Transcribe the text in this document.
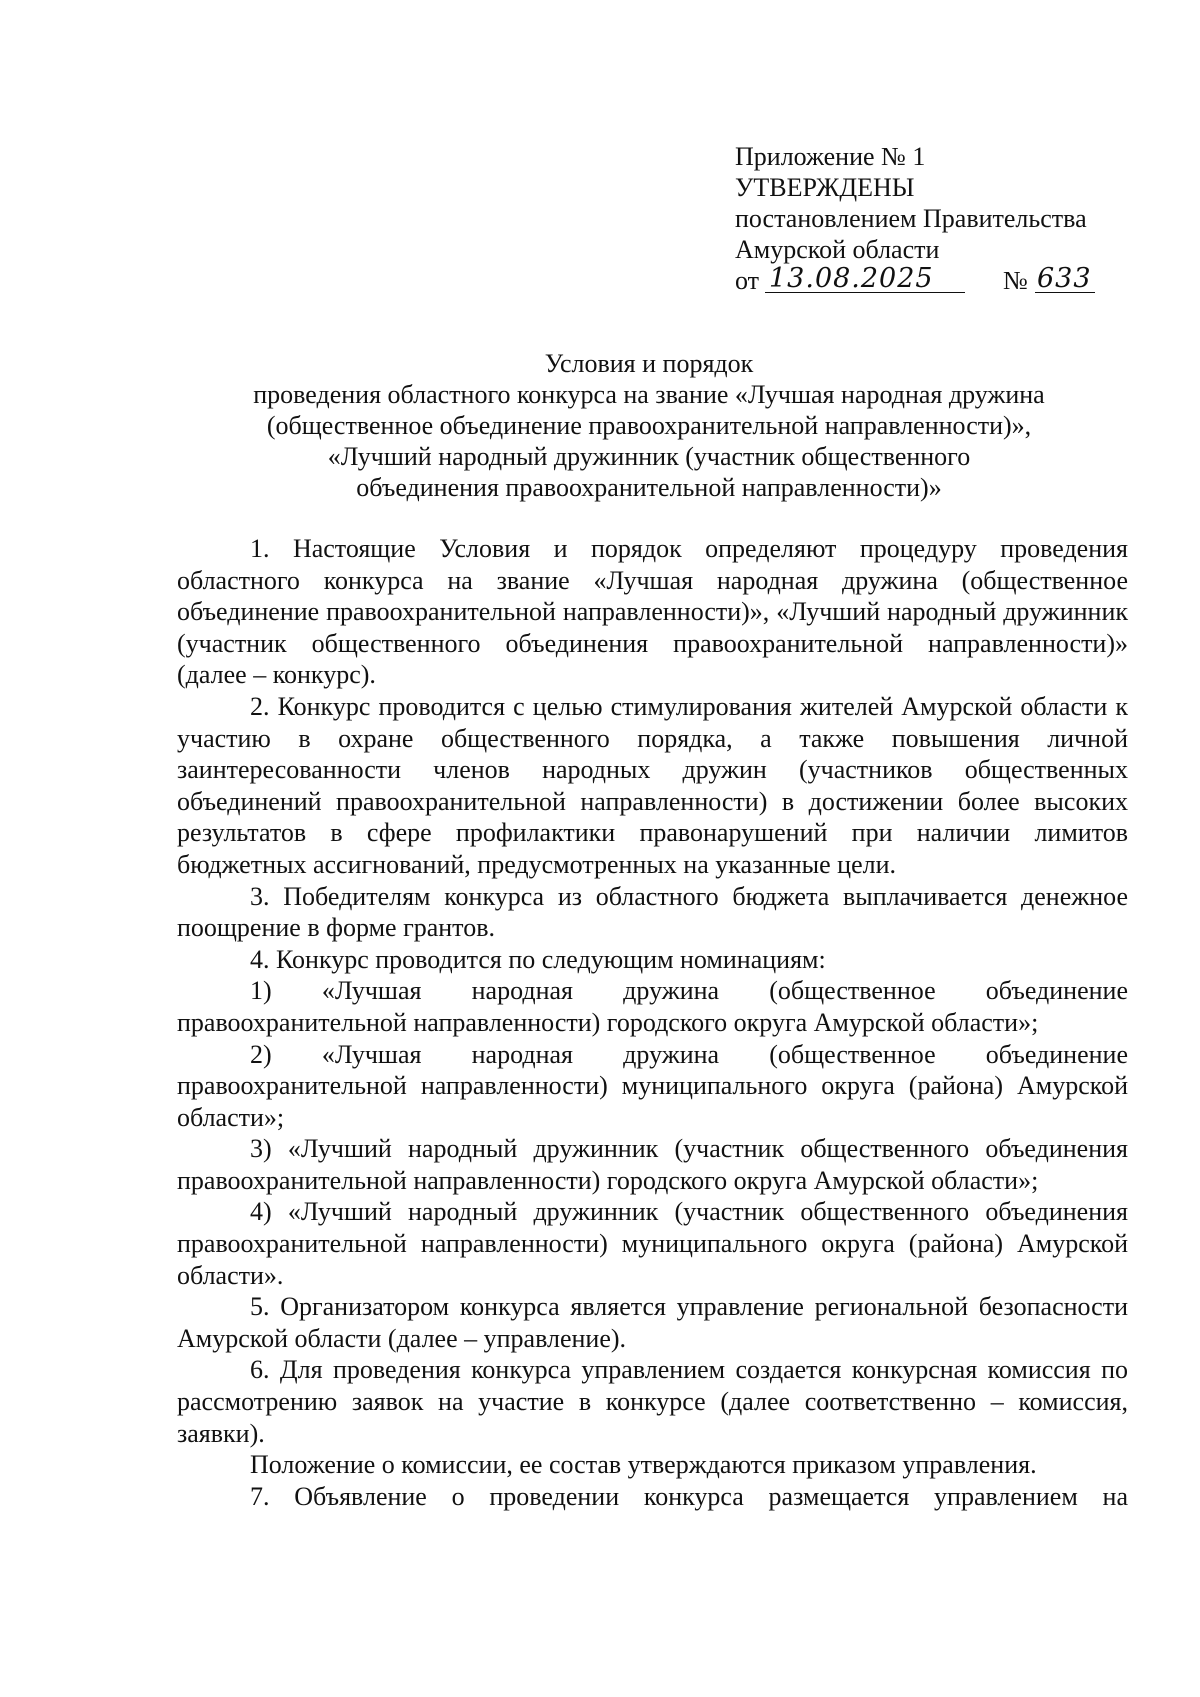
Приложение № 1
УТВЕРЖДЕНЫ
постановлением Правительства
Амурской области
от 13.08.2025	№ 633
Условия и порядок
проведения областного конкурса на звание «Лучшая народная дружина
(общественное объединение правоохранительной направленности)»,
«Лучший народный дружинник (участник общественного
объединения правоохранительной направленности)»

1. Настоящие Условия и порядок определяют процедуру проведения областного конкурса на звание «Лучшая народная дружина (общественное объединение правоохранительной направленности)», «Лучший народный дружинник (участник общественного объединения правоохранительной направленности)» (далее – конкурс).

2. Конкурс проводится с целью стимулирования жителей Амурской области к участию в охране общественного порядка, а также повышения личной заинтересованности членов народных дружин (участников общественных объединений правоохранительной направленности) в достижении более высоких результатов в сфере профилактики правонарушений при наличии лимитов бюджетных ассигнований, предусмотренных на указанные цели.

3. Победителям конкурса из областного бюджета выплачивается денежное поощрение в форме грантов.

4. Конкурс проводится по следующим номинациям:

1) «Лучшая народная дружина (общественное объединение правоохранительной направленности) городского округа Амурской области»;

2) «Лучшая народная дружина (общественное объединение правоохранительной направленности) муниципального округа (района) Амурской области»;

3) «Лучший народный дружинник (участник общественного объединения правоохранительной направленности) городского округа Амурской области»;

4) «Лучший народный дружинник (участник общественного объединения правоохранительной направленности) муниципального округа (района) Амурской области».

5. Организатором конкурса является управление региональной безопасности Амурской области (далее – управление).

6. Для проведения конкурса управлением создается конкурсная комиссия по рассмотрению заявок на участие в конкурсе (далее соответственно – комиссия, заявки).

Положение о комиссии, ее состав утверждаются приказом управления.

7. Объявление о проведении конкурса размещается управлением на
